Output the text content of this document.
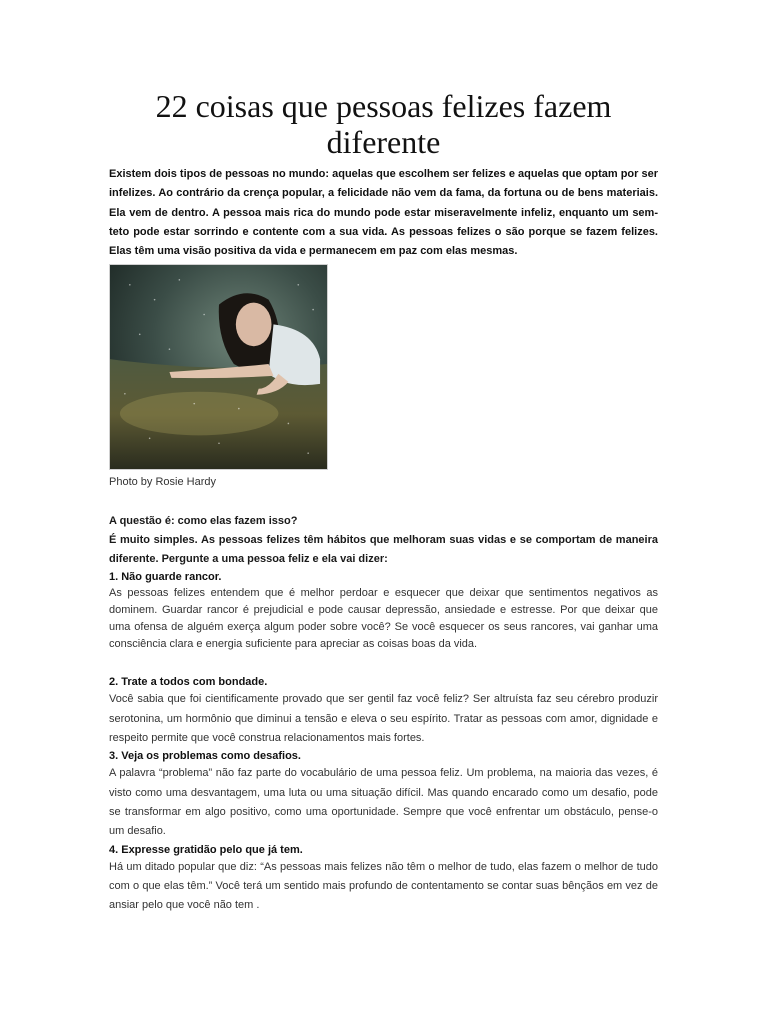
22 coisas que pessoas felizes fazem diferente

Existem dois tipos de pessoas no mundo: aquelas que escolhem ser felizes e aquelas que optam por ser infelizes. Ao contrário da crença popular, a felicidade não vem da fama, da fortuna ou de bens materiais. Ela vem de dentro. A pessoa mais rica do mundo pode estar miseravelmente infeliz, enquanto um sem-teto pode estar sorrindo e contente com a sua vida. As pessoas felizes o são porque se fazem felizes. Elas têm uma visão positiva da vida e permanecem em paz com elas mesmas.

Photo by Rosie Hardy

A questão é: como elas fazem isso?

É muito simples. As pessoas felizes têm hábitos que melhoram suas vidas e se comportam de maneira diferente. Pergunte a uma pessoa feliz e ela vai dizer:

1. Não guarde rancor.

As pessoas felizes entendem que é melhor perdoar e esquecer que deixar que sentimentos negativos as dominem. Guardar rancor é prejudicial e pode causar depressão, ansiedade e estresse. Por que deixar que uma ofensa de alguém exerça algum poder sobre você? Se você esquecer os seus rancores, vai ganhar uma consciência clara e energia suficiente para apreciar as coisas boas da vida.

2. Trate a todos com bondade.

Você sabia que foi cientificamente provado que ser gentil faz você feliz? Ser altruísta faz seu cérebro produzir serotonina, um hormônio que diminui a tensão e eleva o seu espírito. Tratar as pessoas com amor, dignidade e respeito permite que você construa relacionamentos mais fortes.

3. Veja os problemas como desafios.

A palavra “problema” não faz parte do vocabulário de uma pessoa feliz. Um problema, na maioria das vezes, é visto como uma desvantagem, uma luta ou uma situação difícil. Mas quando encarado como um desafio, pode se transformar em algo positivo, como uma oportunidade. Sempre que você enfrentar um obstáculo, pense-o um desafio.

4. Expresse gratidão pelo que já tem.

Há um ditado popular que diz: “As pessoas mais felizes não têm o melhor de tudo, elas fazem o melhor de tudo com o que elas têm.” Você terá um sentido mais profundo de contentamento se contar suas bênçãos em vez de ansiar pelo que você não tem .
